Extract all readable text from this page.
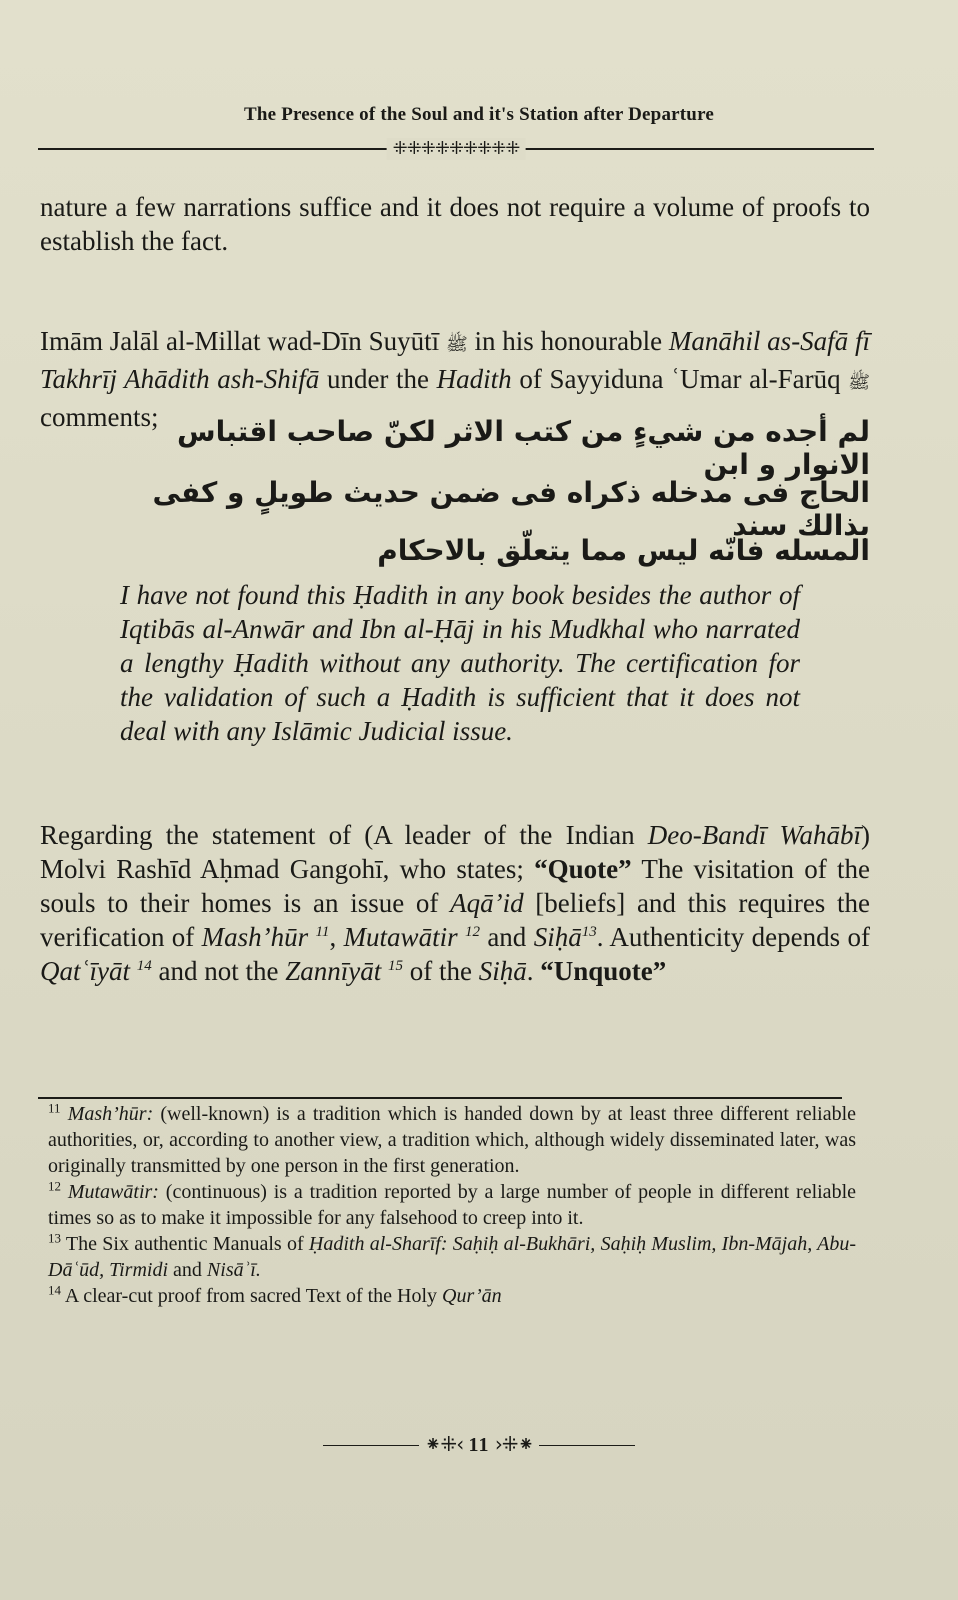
The Presence of the Soul and it's Station after Departure
⁜⁜⁜⁜⁜⁜⁜⁜⁜

nature a few narrations suffice and it does not require a volume of proofs to establish the fact.

Imām Jalāl al-Millat wad-Dīn Suyūtī ﷺ in his honourable Manāhil as-Safā fī Takhrīj Ahādith ash-Shifā under the Hadith of Sayyiduna ʿUmar al-Farūq ﷺ comments; لم أجده من شيءٍ من كتب الاثر لكنّ صاحب اقتباس الانوار و ابن
الحاج فى مدخله ذكراه فى ضمن حديث طويلٍ و كفى بذالك سند
المسله فانّه ليس مما يتعلّق بالاحكام

I have not found this Ḥadith in any book besides the author of Iqtibās al-Anwār and Ibn al-Ḥāj in his Mudkhal who narrated a lengthy Ḥadith without any authority. The certification for the validation of such a Ḥadith is sufficient that it does not deal with any Islāmic Judicial issue.

Regarding the statement of (A leader of the Indian Deo-Bandī Wahābī) Molvi Rashīd Aḥmad Gangohī, who states; “Quote” The visitation of the souls to their homes is an issue of Aqā’id [beliefs] and this requires the verification of Mash’hūr $^{11}$, Mutawātir $^{12}$ and Siḥā$^{13}$. Authenticity depends of Qatʿīyāt $^{14}$ and not the Zannīyāt $^{15}$ of the Siḥā. “Unquote”

$^{11}$ Mash’hūr: (well-known) is a tradition which is handed down by at least three different reliable authorities, or, according to another view, a tradition which, although widely disseminated later, was originally transmitted by one person in the first generation.

$^{12}$ Mutawātir: (continuous) is a tradition reported by a large number of people in different reliable times so as to make it impossible for any falsehood to creep into it.

$^{13}$ The Six authentic Manuals of Ḥadith al-Sharīf: Saḥiḥ al-Bukhāri, Saḥiḥ Muslim, Ibn-Mājah, Abu-Dāʿūd, Tirmidi and Nisāʾī.

$^{14}$ A clear-cut proof from sacred Text of the Holy Qur’ān

⁕⁜‹ 11 ›⁜⁕
